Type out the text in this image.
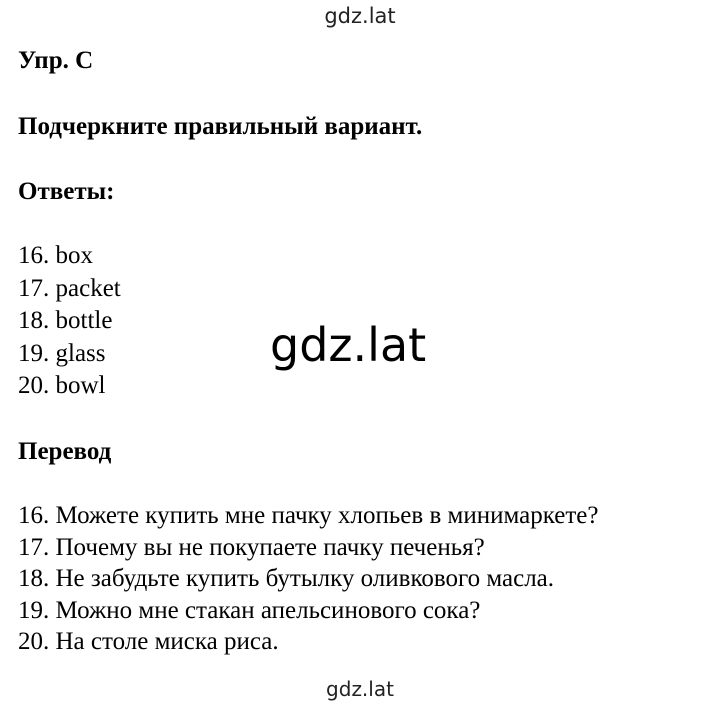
gdz.lat
Упр. C
Подчеркните правильный вариант.
Ответы:
16. box
17. packet
18. bottle
19. glass
20. bowl
gdz.lat
Перевод
16. Можете купить мне пачку хлопьев в минимаркете?
17. Почему вы не покупаете пачку печенья?
18. Не забудьте купить бутылку оливкового масла.
19. Можно мне стакан апельсинового сока?
20. На столе миска риса.
gdz.lat
